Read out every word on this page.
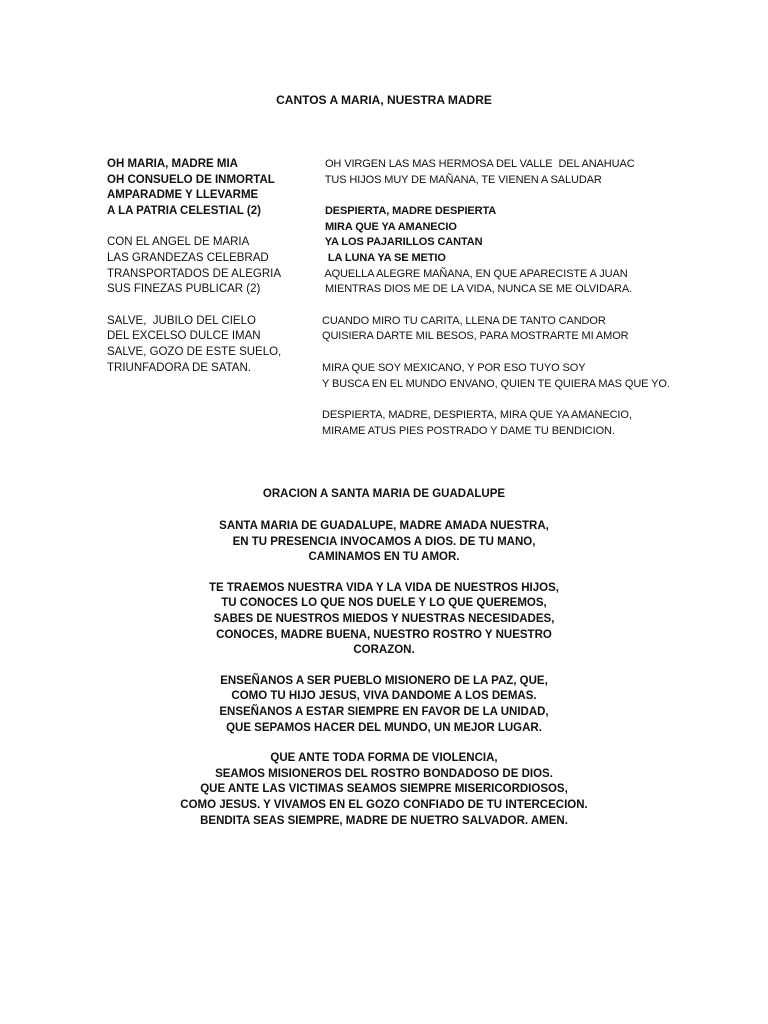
CANTOS A MARIA, NUESTRA MADRE
OH MARIA, MADRE MIA
OH CONSUELO DE INMORTAL
AMPARADME Y LLEVARME
A LA PATRIA CELESTIAL (2)
CON EL ANGEL DE MARIA
LAS GRANDEZAS CELEBRAD
TRANSPORTADOS DE ALEGRIA
SUS FINEZAS PUBLICAR (2)
SALVE,  JUBILO DEL CIELO
DEL EXCELSO DULCE IMAN
SALVE, GOZO DE ESTE SUELO,
TRIUNFADORA DE SATAN.
OH VIRGEN LAS MAS HERMOSA DEL VALLE  DEL ANAHUAC
TUS HIJOS MUY DE MAÑANA, TE VIENEN A SALUDAR
DESPIERTA, MADRE DESPIERTA
MIRA QUE YA AMANECIO
YA LOS PAJARILLOS CANTAN
LA LUNA YA SE METIO
AQUELLA ALEGRE MAÑANA, EN QUE APARECISTE A JUAN
MIENTRAS DIOS ME DE LA VIDA, NUNCA SE ME OLVIDARA.
CUANDO MIRO TU CARITA, LLENA DE TANTO CANDOR
QUISIERA DARTE MIL BESOS, PARA MOSTRARTE MI AMOR
MIRA QUE SOY MEXICANO, Y POR ESO TUYO SOY
Y BUSCA EN EL MUNDO ENVANO, QUIEN TE QUIERA MAS QUE YO.
DESPIERTA, MADRE, DESPIERTA, MIRA QUE YA AMANECIO,
MIRAME ATUS PIES POSTRADO Y DAME TU BENDICION.
ORACION A SANTA MARIA DE GUADALUPE
SANTA MARIA DE GUADALUPE, MADRE AMADA NUESTRA,
EN TU PRESENCIA INVOCAMOS A DIOS. DE TU MANO,
CAMINAMOS EN TU AMOR.
TE TRAEMOS NUESTRA VIDA Y LA VIDA DE NUESTROS HIJOS,
TU CONOCES LO QUE NOS DUELE Y LO QUE QUEREMOS,
SABES DE NUESTROS MIEDOS Y NUESTRAS NECESIDADES,
CONOCES, MADRE BUENA, NUESTRO ROSTRO Y NUESTRO
CORAZON.
ENSEÑANOS A SER PUEBLO MISIONERO DE LA PAZ, QUE,
COMO TU HIJO JESUS, VIVA DANDOME A LOS DEMAS.
ENSEÑANOS A ESTAR SIEMPRE EN FAVOR DE LA UNIDAD,
QUE SEPAMOS HACER DEL MUNDO, UN MEJOR LUGAR.
QUE ANTE TODA FORMA DE VIOLENCIA,
SEAMOS MISIONEROS DEL ROSTRO BONDADOSO DE DIOS.
QUE ANTE LAS VICTIMAS SEAMOS SIEMPRE MISERICORDIOSOS,
COMO JESUS. Y VIVAMOS EN EL GOZO CONFIADO DE TU INTERCECION.
BENDITA SEAS SIEMPRE, MADRE DE NUETRO SALVADOR. AMEN.
